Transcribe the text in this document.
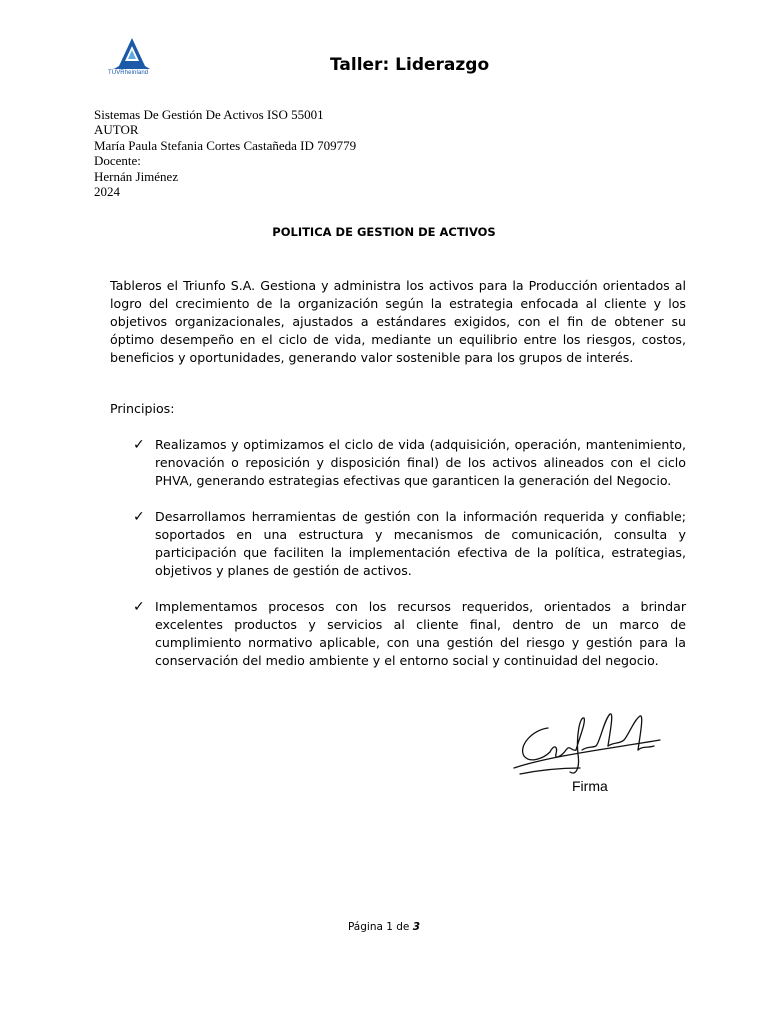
TÜVRheinland	Taller: Liderazgo
Sistemas De Gestión De Activos ISO 55001
AUTOR
María Paula Stefania Cortes Castañeda ID 709779
Docente:
Hernán Jiménez
2024
POLITICA DE GESTION DE ACTIVOS
Tableros el Triunfo S.A. Gestiona y administra los activos para la Producción orientados al logro del crecimiento de la organización según la estrategia enfocada al cliente y los objetivos organizacionales, ajustados a estándares exigidos, con el fin de obtener su óptimo desempeño en el ciclo de vida, mediante un equilibrio entre los riesgos, costos, beneficios y oportunidades, generando valor sostenible para los grupos de interés.
Principios:
✓ Realizamos y optimizamos el ciclo de vida (adquisición, operación, mantenimiento, renovación o reposición y disposición final) de los activos alineados con el ciclo PHVA, generando estrategias efectivas que garanticen la generación del Negocio.
✓ Desarrollamos herramientas de gestión con la información requerida y confiable; soportados en una estructura y mecanismos de comunicación, consulta y participación que faciliten la implementación efectiva de la política, estrategias, objetivos y planes de gestión de activos.
✓ Implementamos procesos con los recursos requeridos, orientados a brindar excelentes productos y servicios al cliente final, dentro de un marco de cumplimiento normativo aplicable, con una gestión del riesgo y gestión para la conservación del medio ambiente y el entorno social y continuidad del negocio.
Firma
Página 1 de 3
